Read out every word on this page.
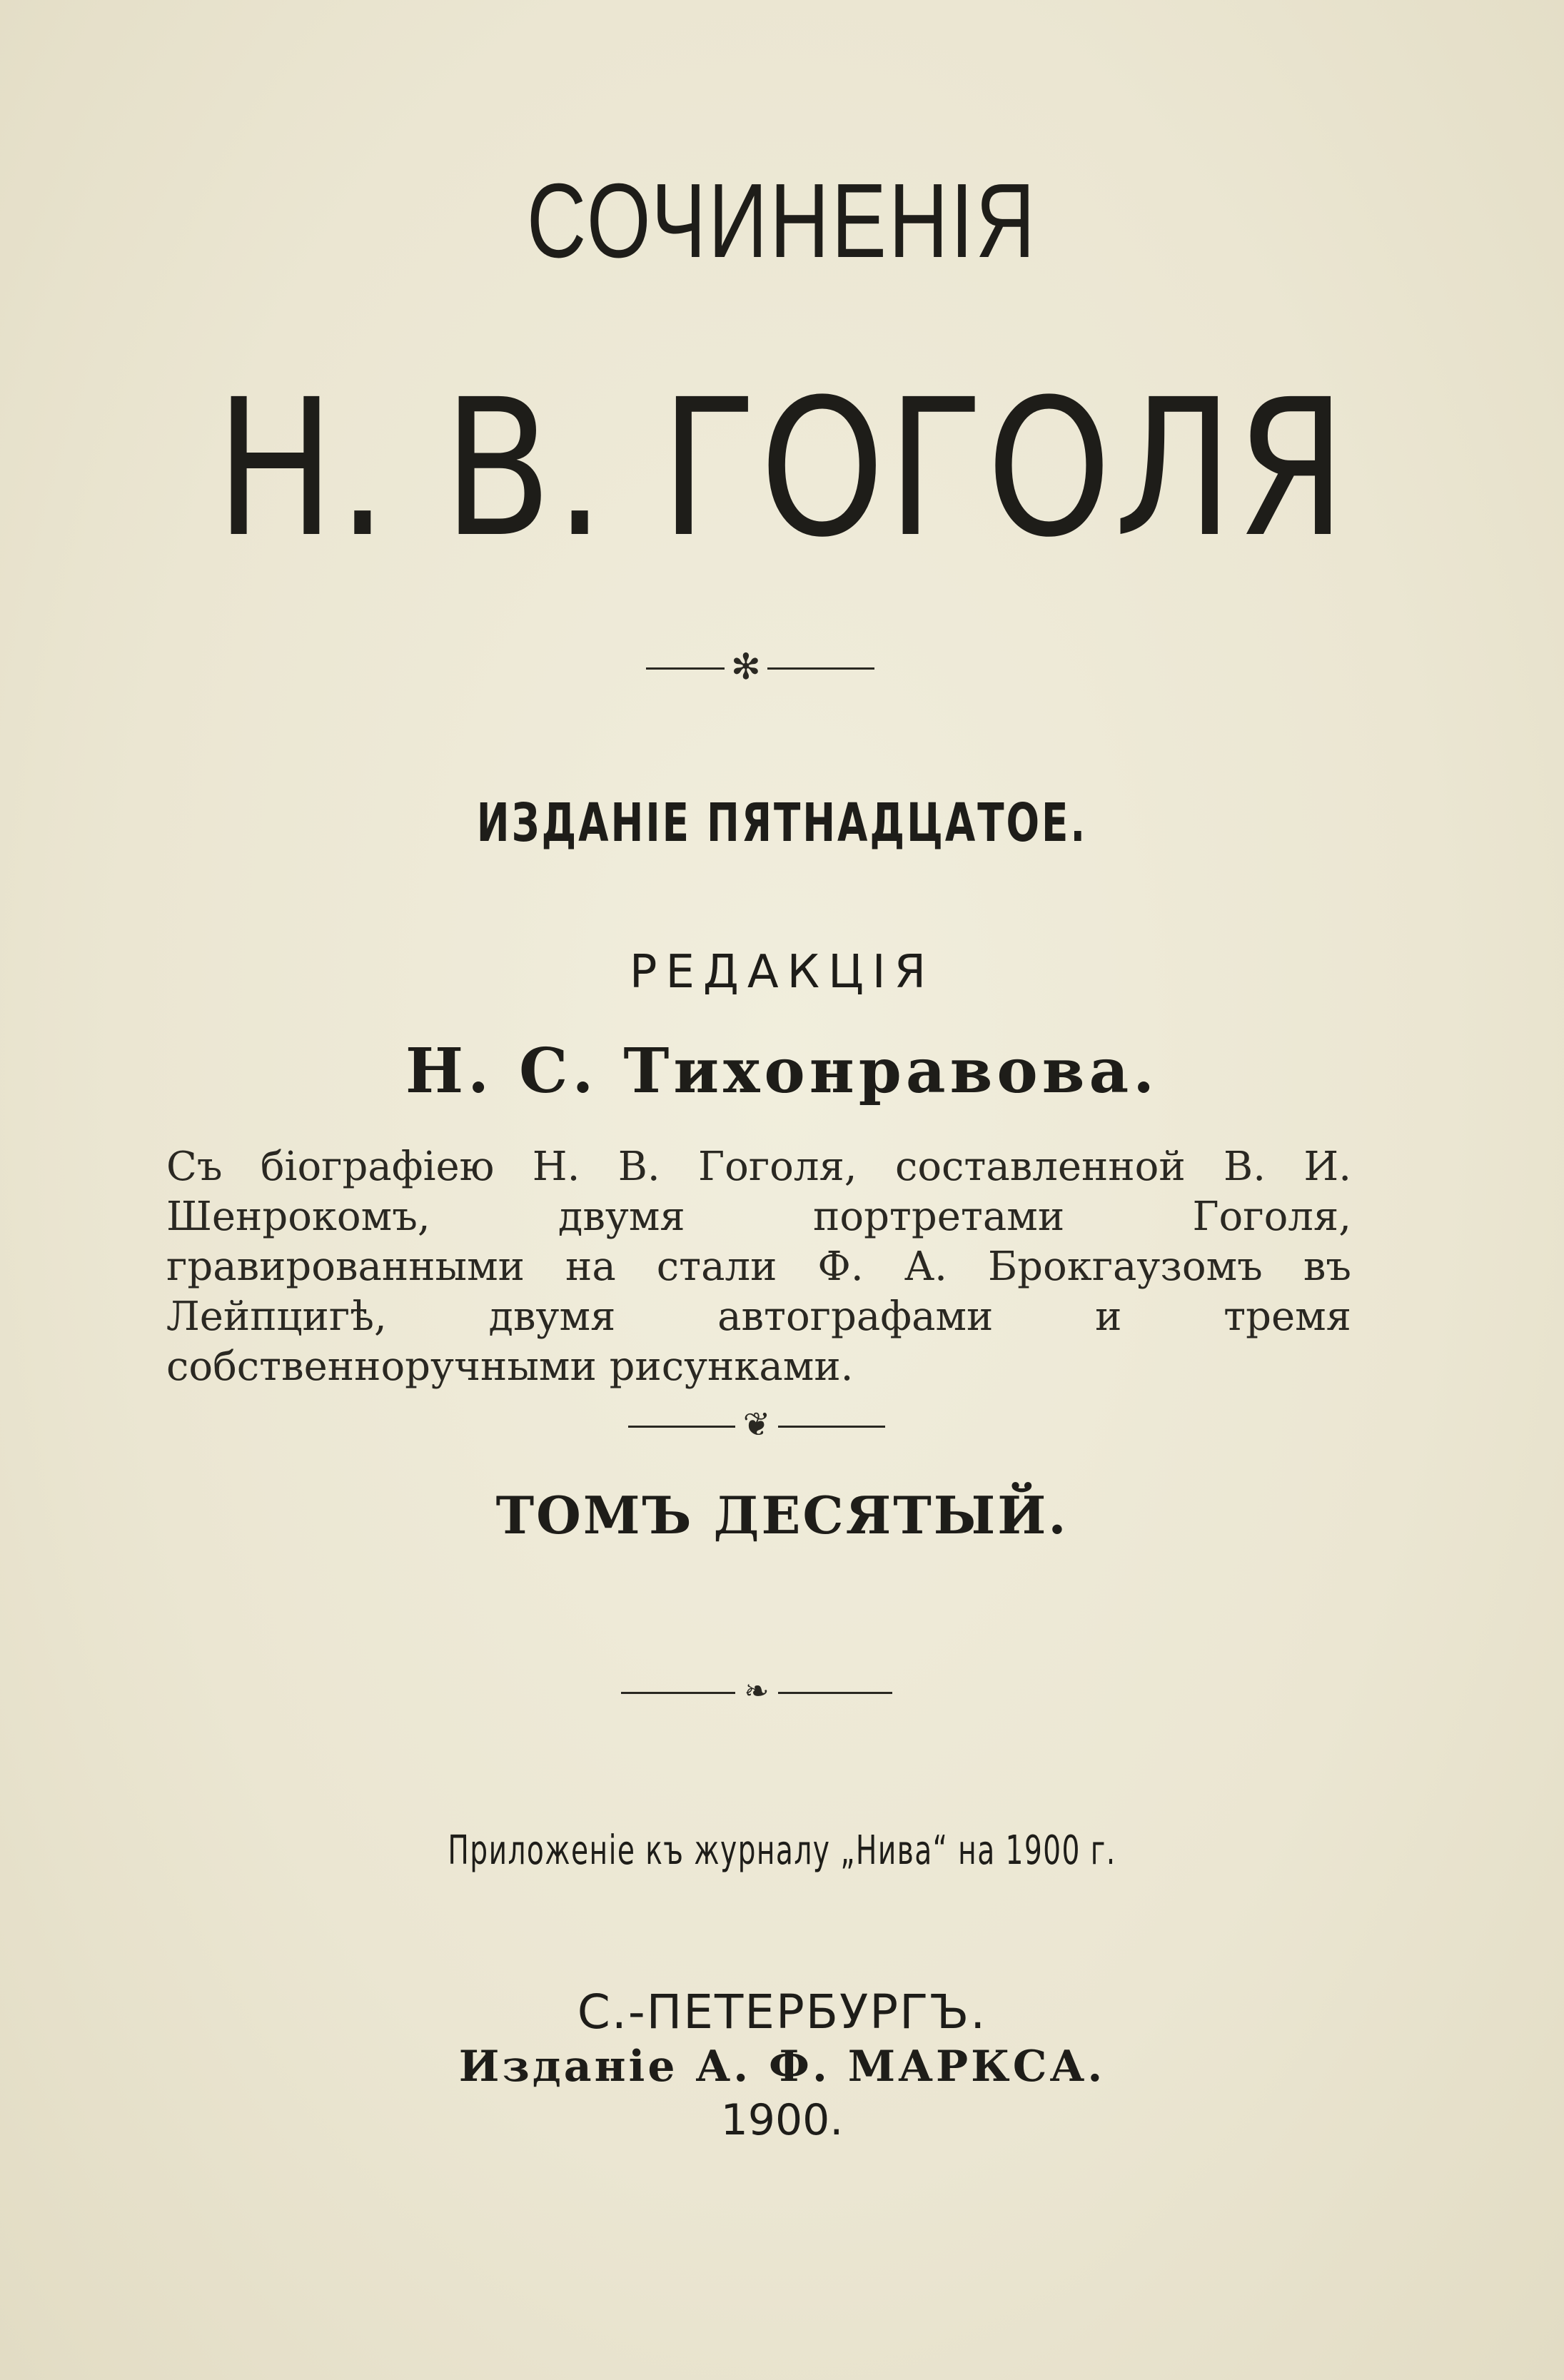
СОЧИНЕНІЯ
Н. В. ГОГОЛЯ
✻
ИЗДАНІЕ ПЯТНАДЦАТОЕ.
РЕДАКЦІЯ
Н. С. Тихонравова.
Съ біографіею Н. В. Гоголя, составленной В. И. Шенрокомъ, двумя портретами Гоголя, гравированными на стали Ф. А. Брокгаузомъ въ Лейпцигѣ, двумя автографами и тремя собственноручными рисунками.
❦
ТОМЪ ДЕСЯТЫЙ.
❧
Приложеніе къ журналу „Нива“ на 1900 г.
С.-ПЕТЕРБУРГЪ.
Изданіе А. Ф. МАРКСА.
1900.
